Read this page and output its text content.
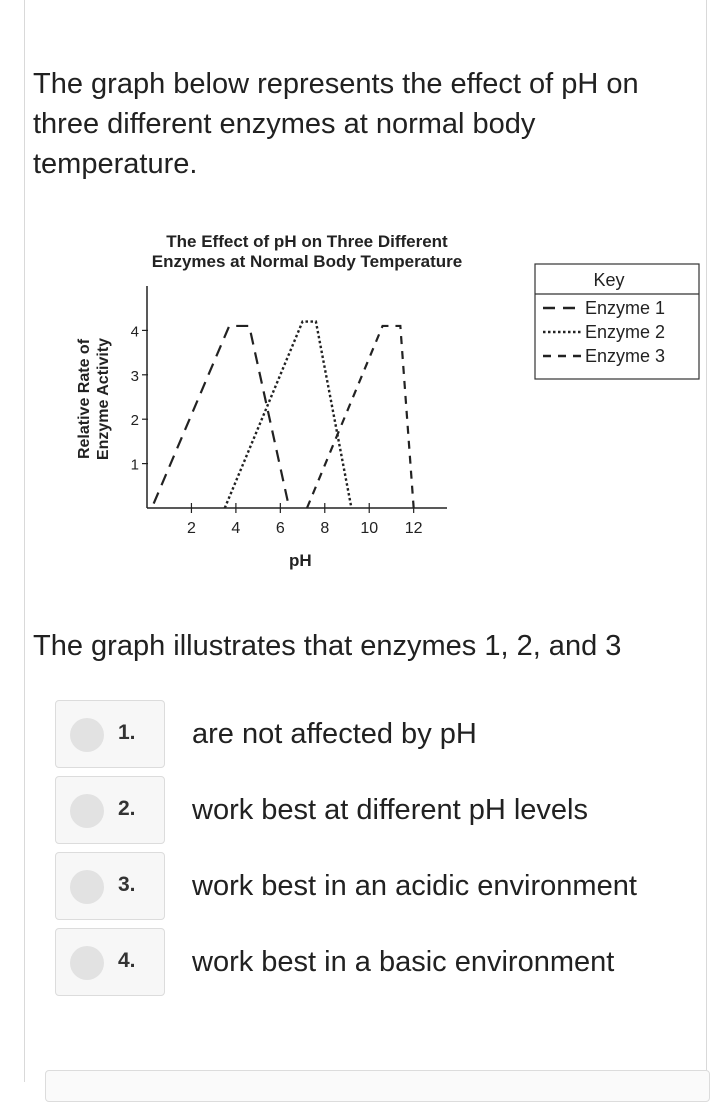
The graph below represents the effect of pH on three different enzymes at normal body temperature.

The Effect of pH on Three Different
Enzymes at Normal Body Temperature
Relative Rate of Enzyme Activity
2 4 6 8 10 12
1
2
3
4
pH
Key
Enzyme 1
Enzyme 2
Enzyme 3

The graph illustrates that enzymes 1, 2, and 3

1. are not affected by pH
2. work best at different pH levels
3. work best in an acidic environment
4. work best in a basic environment
